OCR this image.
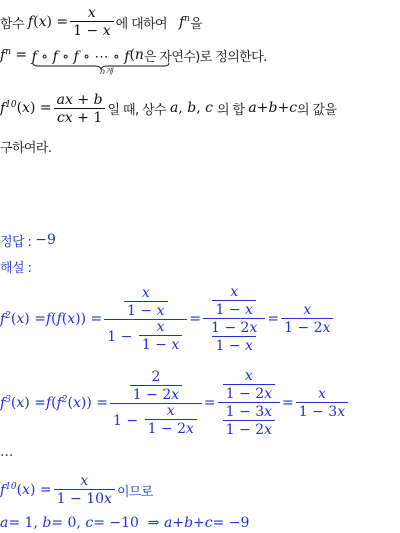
함수 f ( x ) = $\frac{x}{1 - x}$ 에 대하여 $f^n$ 을
$f^n = f$ ∘ f ∘ f ∘ ⋯ ∘ f ( n 은 자연수)로 정의한다.
n개
$f^{10}$ ( x ) = $\frac{ax + b}{cx + 1}$ 일 때, 상수 a , b , c 의 합 a + b + c 의 값을
구하여라.
정답 : −9
해설 :
$f^2$ ( x ) = f ( f ( x )) = $\frac{\frac{x}{1 - x}}{1 - \frac{x}{1 - x}} = \frac{\frac{x}{1 - x}}{\frac{1 - 2x}{1 - x}} = \frac{x}{1 - 2x}$
$f^3$ ( x ) = f ( $f^2$ ( x )) = $\frac{\frac{2}{1 - 2x}}{1 - \frac{x}{1 - 2x}} = \frac{\frac{x}{1 - 2x}}{\frac{1 - 3x}{1 - 2x}} = \frac{x}{1 - 3x}$
...
$f^{10}$ ( x ) = $\frac{x}{1 - 10x}$ 이므로
a = 1, b = 0, c = −10  ⇒ a + b + c = −9
